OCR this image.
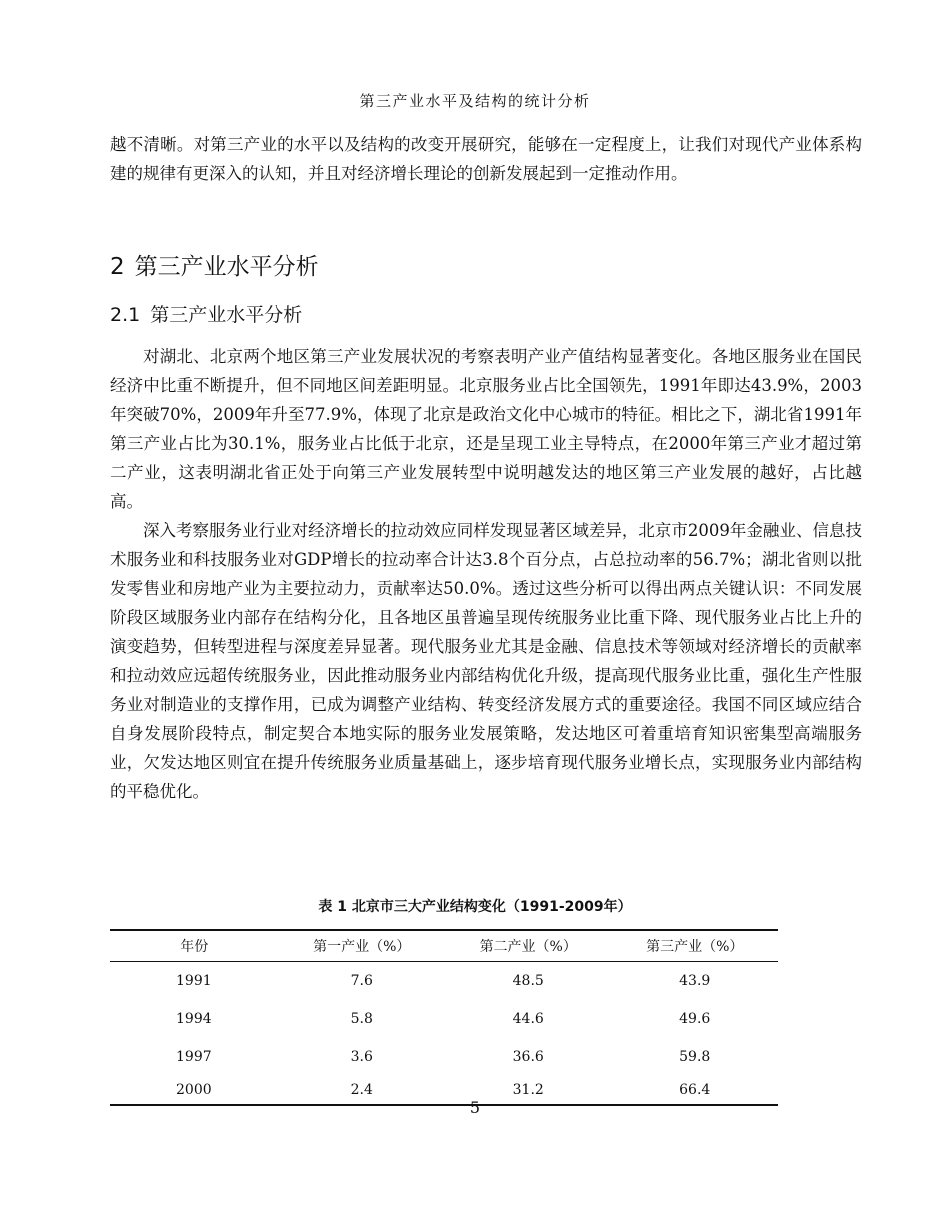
第三产业水平及结构的统计分析

越不清晰。对第三产业的水平以及结构的改变开展研究，能够在一定程度上，让我们对现代产业体系构建的规律有更深入的认知，并且对经济增长理论的创新发展起到一定推动作用。

2 第三产业水平分析
2.1 第三产业水平分析

对湖北、北京两个地区第三产业发展状况的考察表明产业产值结构显著变化。各地区服务业在国民经济中比重不断提升，但不同地区间差距明显。北京服务业占比全国领先，1991年即达43.9%，2003年突破70%，2009年升至77.9%，体现了北京是政治文化中心城市的特征。相比之下，湖北省1991年第三产业占比为30.1%，服务业占比低于北京，还是呈现工业主导特点，在2000年第三产业才超过第二产业，这表明湖北省正处于向第三产业发展转型中说明越发达的地区第三产业发展的越好，占比越高。

深入考察服务业行业对经济增长的拉动效应同样发现显著区域差异，北京市2009年金融业、信息技术服务业和科技服务业对GDP增长的拉动率合计达3.8个百分点，占总拉动率的56.7%；湖北省则以批发零售业和房地产业为主要拉动力，贡献率达50.0%。透过这些分析可以得出两点关键认识：不同发展阶段区域服务业内部存在结构分化，且各地区虽普遍呈现传统服务业比重下降、现代服务业占比上升的演变趋势，但转型进程与深度差异显著。现代服务业尤其是金融、信息技术等领域对经济增长的贡献率和拉动效应远超传统服务业，因此推动服务业内部结构优化升级，提高现代服务业比重，强化生产性服务业对制造业的支撑作用，已成为调整产业结构、转变经济发展方式的重要途径。我国不同区域应结合自身发展阶段特点，制定契合本地实际的服务业发展策略，发达地区可着重培育知识密集型高端服务业，欠发达地区则宜在提升传统服务业质量基础上，逐步培育现代服务业增长点，实现服务业内部结构的平稳优化。

表 1 北京市三大产业结构变化（1991-2009年）
年份	第一产业（%）	第二产业（%）	第三产业（%）
1991	7.6	48.5	43.9
1994	5.8	44.6	49.6
1997	3.6	36.6	59.8
2000	2.4	31.2	66.4
5
